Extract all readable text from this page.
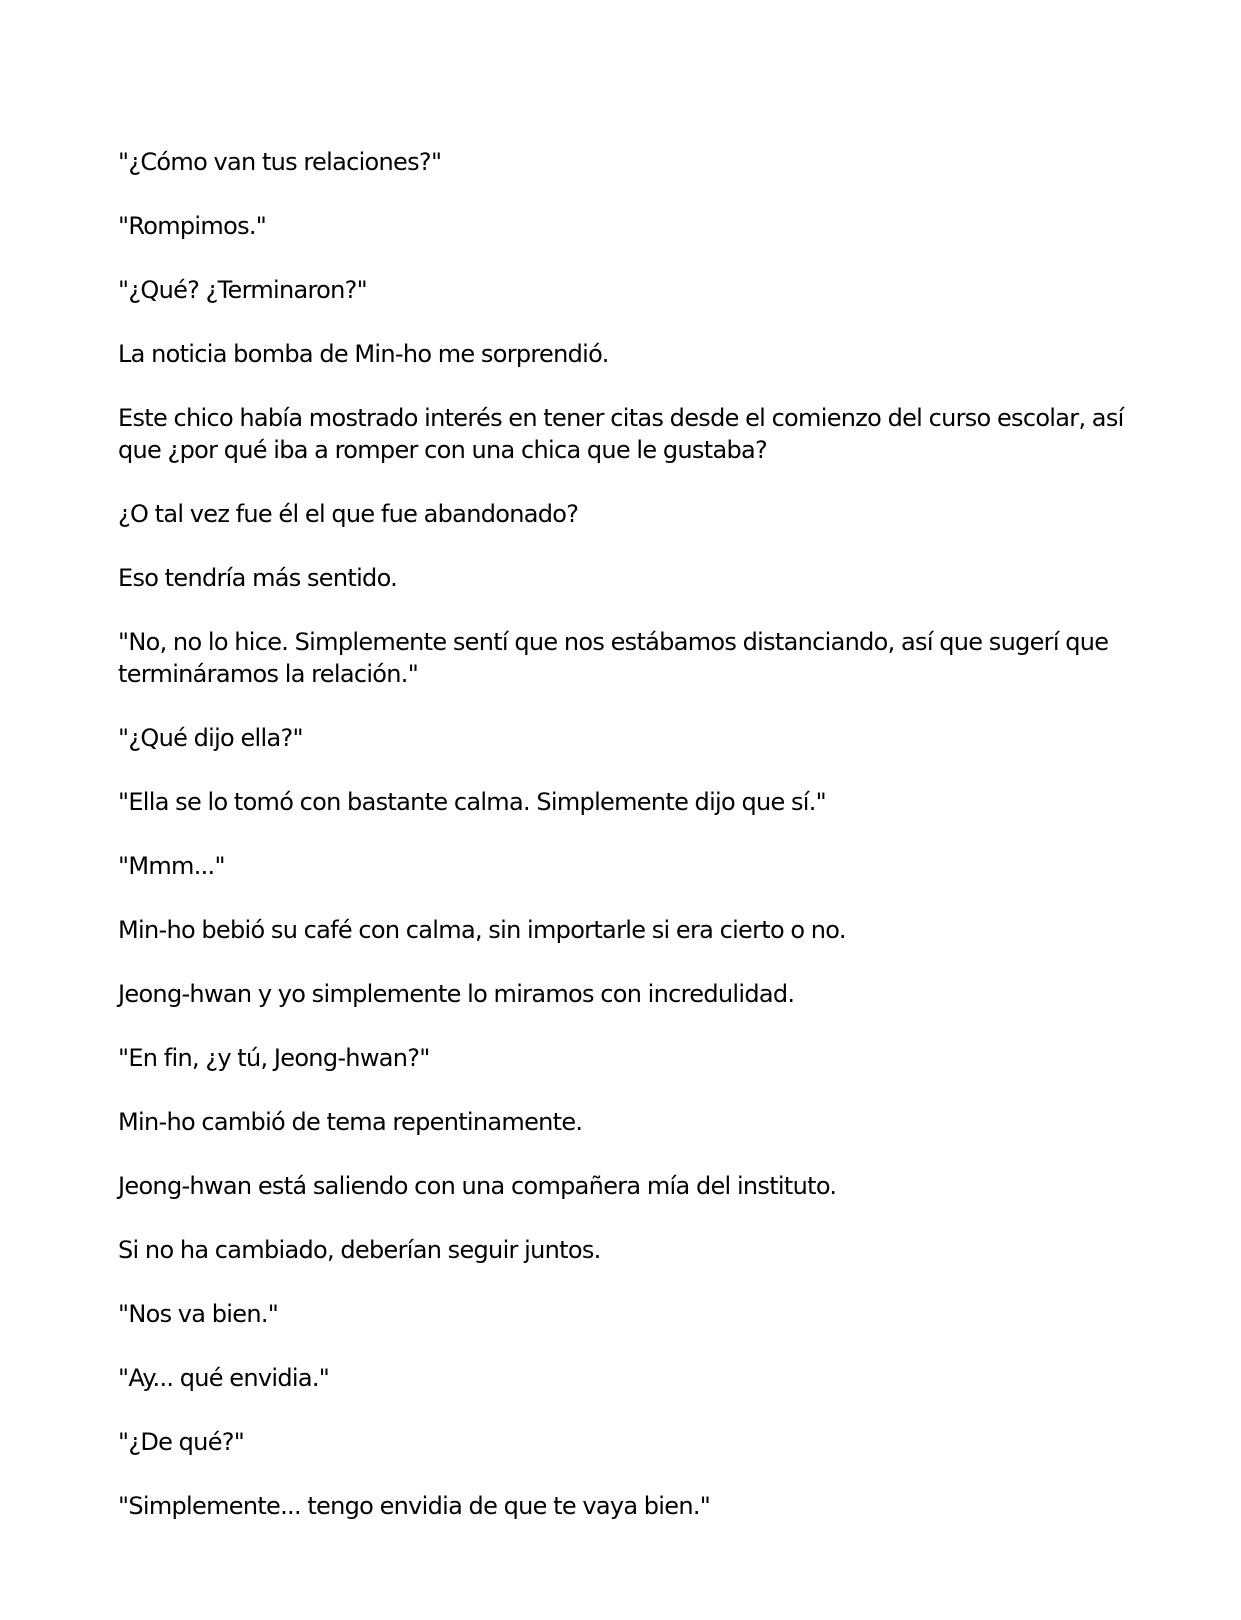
"¿Cómo van tus relaciones?"

"Rompimos."

"¿Qué? ¿Terminaron?"

La noticia bomba de Min-ho me sorprendió.

Este chico había mostrado interés en tener citas desde el comienzo del curso escolar, así que ¿por qué iba a romper con una chica que le gustaba?

¿O tal vez fue él el que fue abandonado?

Eso tendría más sentido.

"No, no lo hice. Simplemente sentí que nos estábamos distanciando, así que sugerí que termináramos la relación."

"¿Qué dijo ella?"

"Ella se lo tomó con bastante calma. Simplemente dijo que sí."

"Mmm..."

Min-ho bebió su café con calma, sin importarle si era cierto o no.

Jeong-hwan y yo simplemente lo miramos con incredulidad.

"En fin, ¿y tú, Jeong-hwan?"

Min-ho cambió de tema repentinamente.

Jeong-hwan está saliendo con una compañera mía del instituto.

Si no ha cambiado, deberían seguir juntos.

"Nos va bien."

"Ay... qué envidia."

"¿De qué?"

"Simplemente... tengo envidia de que te vaya bien."
